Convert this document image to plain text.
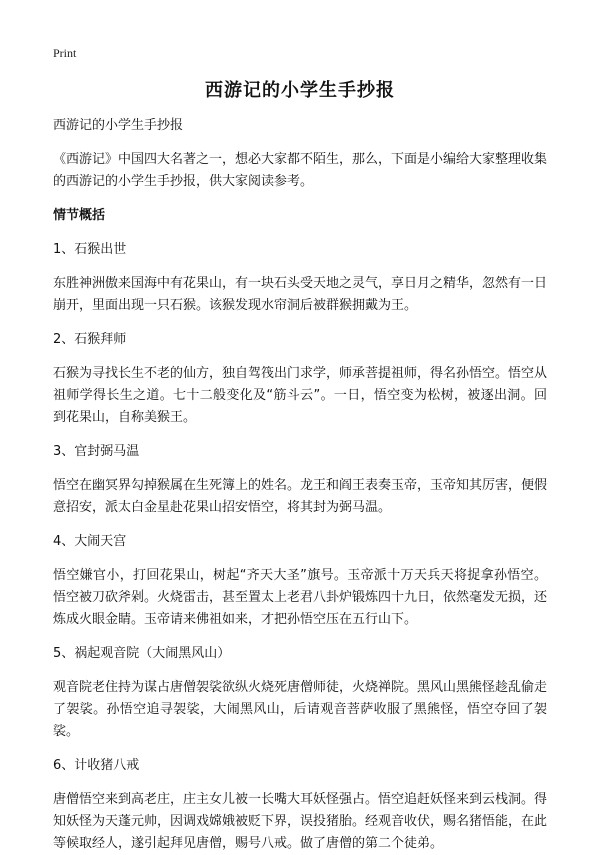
Print
西游记的小学生手抄报
西游记的小学生手抄报
《西游记》中国四大名著之一，想必大家都不陌生，那么，下面是小编给大家整理收集的西游记的小学生手抄报，供大家阅读参考。
情节概括
1、石猴出世
东胜神洲傲来国海中有花果山，有一块石头受天地之灵气，享日月之精华，忽然有一日崩开，里面出现一只石猴。该猴发现水帘洞后被群猴拥戴为王。
2、石猴拜师
石猴为寻找长生不老的仙方，独自驾筏出门求学，师承菩提祖师，得名孙悟空。悟空从祖师学得长生之道。七十二般变化及“筋斗云”。一日，悟空变为松树，被逐出洞。回到花果山，自称美猴王。
3、官封弼马温
悟空在幽冥界勾掉猴属在生死簿上的姓名。龙王和阎王表奏玉帝，玉帝知其厉害，便假意招安，派太白金星赴花果山招安悟空，将其封为弼马温。
4、大闹天宫
悟空嫌官小，打回花果山，树起“齐天大圣”旗号。玉帝派十万天兵天将捉拿孙悟空。悟空被刀砍斧剁。火烧雷击，甚至置太上老君八卦炉锻炼四十九日，依然毫发无损，还炼成火眼金睛。玉帝请来佛祖如来，才把孙悟空压在五行山下。
5、祸起观音院（大闹黑风山）
观音院老住持为谋占唐僧袈裟欲纵火烧死唐僧师徒，火烧禅院。黑风山黑熊怪趁乱偷走了袈裟。孙悟空追寻袈裟，大闹黑风山，后请观音菩萨收服了黑熊怪，悟空夺回了袈裟。
6、计收猪八戒
唐僧悟空来到高老庄，庄主女儿被一长嘴大耳妖怪强占。悟空追赶妖怪来到云栈洞。得知妖怪为天蓬元帅，因调戏嫦娥被贬下界，误投猪胎。经观音收伏，赐名猪悟能，在此等候取经人，遂引起拜见唐僧，赐号八戒。做了唐僧的第二个徒弟。
